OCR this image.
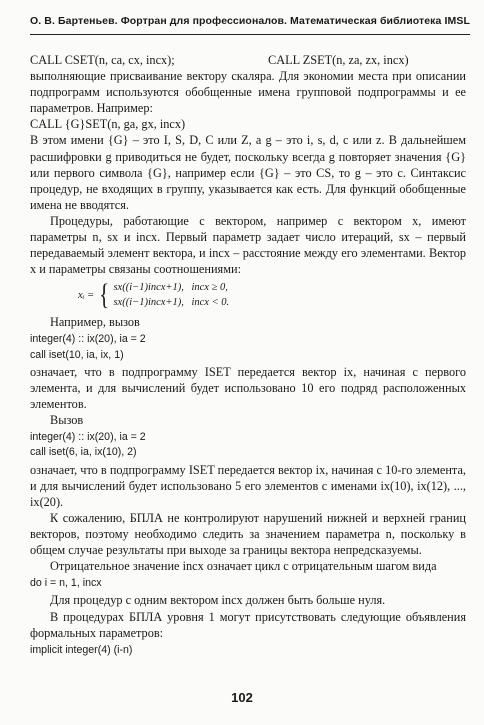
О. В. Бартеньев. Фортран для профессионалов. Математическая библиотека IMSL
CALL CSET(n, ca, cx, incx);	CALL ZSET(n, za, zx, incx)

выполняющие присваивание вектору скаляра. Для экономии места при описании подпрограмм используются обобщенные имена групповой подпрограммы и ее параметров. Например:

CALL {G}SET(n, ga, gx, incx)

В этом имени {G} – это I, S, D, C или Z, а g – это i, s, d, c или z. В дальнейшем расшифровки g приводиться не будет, поскольку всегда g повторяет значения {G} или первого символа {G}, например если {G} – это CS, то g – это c. Синтаксис процедур, не входящих в группу, указывается как есть. Для функций обобщенные имена не вводятся.

Процедуры, работающие с вектором, например с вектором x, имеют параметры n, sx и incx. Первый параметр задает число итераций, sx – первый передаваемый элемент вектора, и incx – расстояние между его элементами. Вектор x и параметры связаны соотношениями:

xᵢ = { sx((i−1)incx+1), incx ≥ 0,
sx((i−1)incx+1), incx < 0.

Например, вызов

integer(4) :: ix(20), ia = 2
call iset(10, ia, ix, 1)

означает, что в подпрограмму ISET передается вектор ix, начиная с первого элемента, и для вычислений будет использовано 10 его подряд расположенных элементов.

Вызов

integer(4) :: ix(20), ia = 2
call iset(6, ia, ix(10), 2)

означает, что в подпрограмму ISET передается вектор ix, начиная с 10-го элемента, и для вычислений будет использовано 5 его элементов с именами ix(10), ix(12), ..., ix(20).

К сожалению, БПЛА не контролируют нарушений нижней и верхней границ векторов, поэтому необходимо следить за значением параметра n, поскольку в общем случае результаты при выходе за границы вектора непредсказуемы.

Отрицательное значение incx означает цикл с отрицательным шагом вида

do i = n, 1, incx

Для процедур с одним вектором incx должен быть больше нуля.

В процедурах БПЛА уровня 1 могут присутствовать следующие объявления формальных параметров:

implicit integer(4) (i-n)
102
